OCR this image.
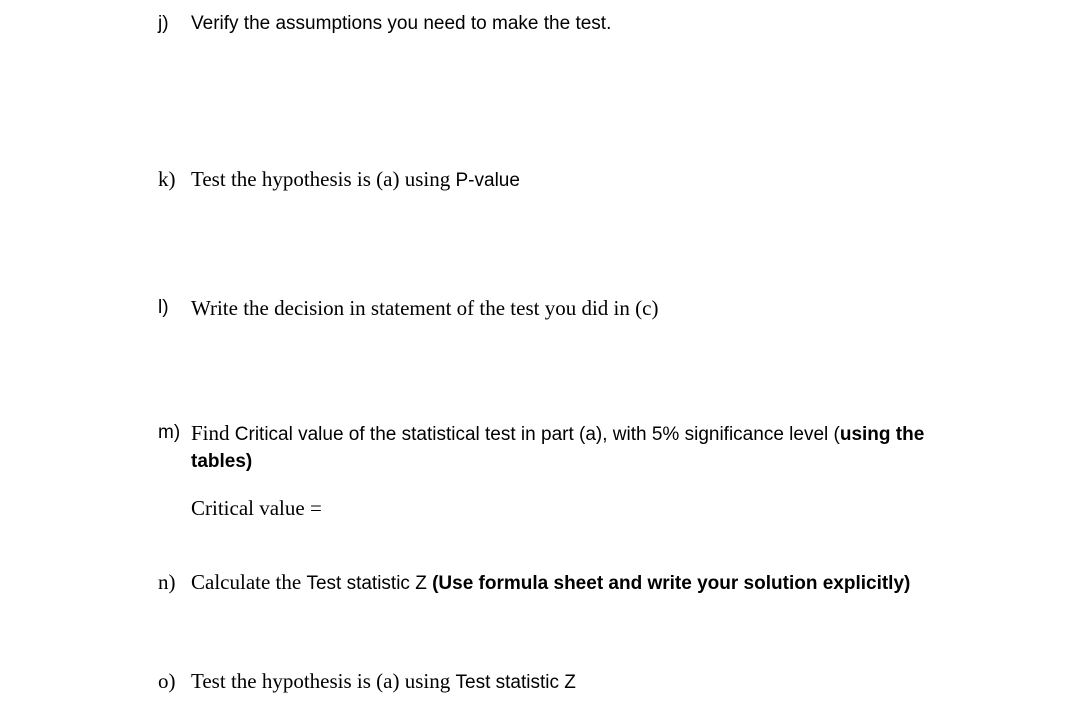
j) Verify the assumptions you need to make the test.
k) Test the hypothesis is (a) using P-value
l) Write the decision in statement of the test you did in (c)
m) Find Critical value of the statistical test in part (a), with 5% significance level (using the tables)
Critical value =
n) Calculate the Test statistic Z (Use formula sheet and write your solution explicitly)
o) Test the hypothesis is (a) using Test statistic Z
